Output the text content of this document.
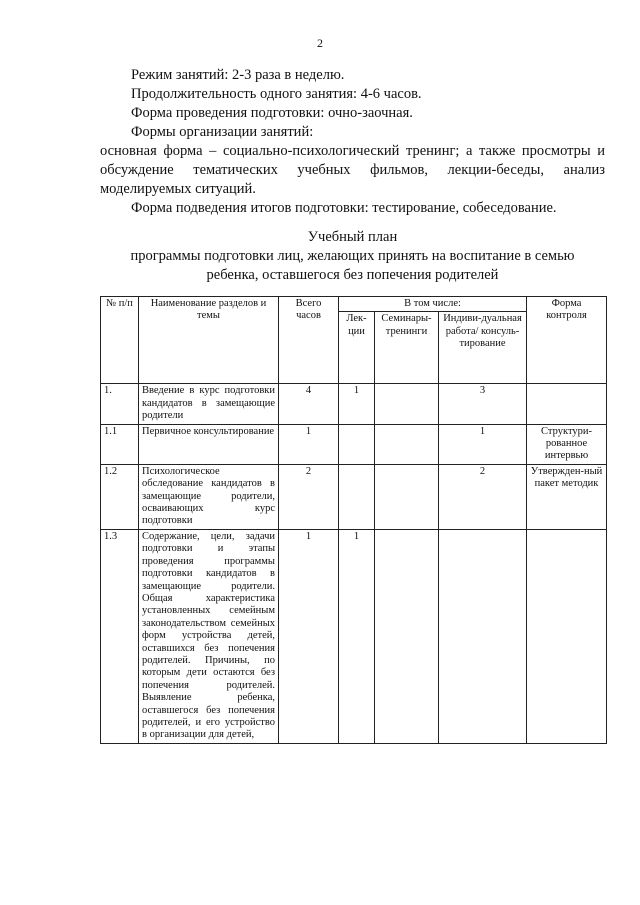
2

Режим занятий: 2-3 раза в неделю.

Продолжительность одного занятия: 4-6 часов.

Форма проведения подготовки: очно-заочная.

Формы организации занятий:

основная форма – социально-психологический тренинг; а также просмотры и обсуждение тематических учебных фильмов, лекции-беседы, анализ моделируемых ситуаций.

Форма подведения итогов подготовки: тестирование, собеседование.

Учебный план

программы подготовки лиц, желающих принять на воспитание в семью

ребенка, оставшегося без попечения родителей

№ п/п	Наименование разделов и темы	Всего часов	В том числе:			Форма контроля
			Лек-ции	Семинары-тренинги	Индиви-дуальная работа/ консуль-тирование	
1.	Введение в курс подготовки кандидатов в замещающие родители	4	1		3	
1.1	Первичное консультирование	1			1	Структури-рованное интервью
1.2	Психологическое обследование кандидатов в замещающие родители, осваивающих курс подготовки	2			2	Утвержден-ный пакет методик
1.3	Содержание, цели, задачи подготовки и этапы проведения программы подготовки кандидатов в замещающие родители. Общая характеристика установленных семейным законодательством семейных форм устройства детей, оставшихся без попечения родителей. Причины, по которым дети остаются без попечения родителей. Выявление ребенка, оставшегося без попечения родителей, и его устройство в организации для детей,	1	1			
